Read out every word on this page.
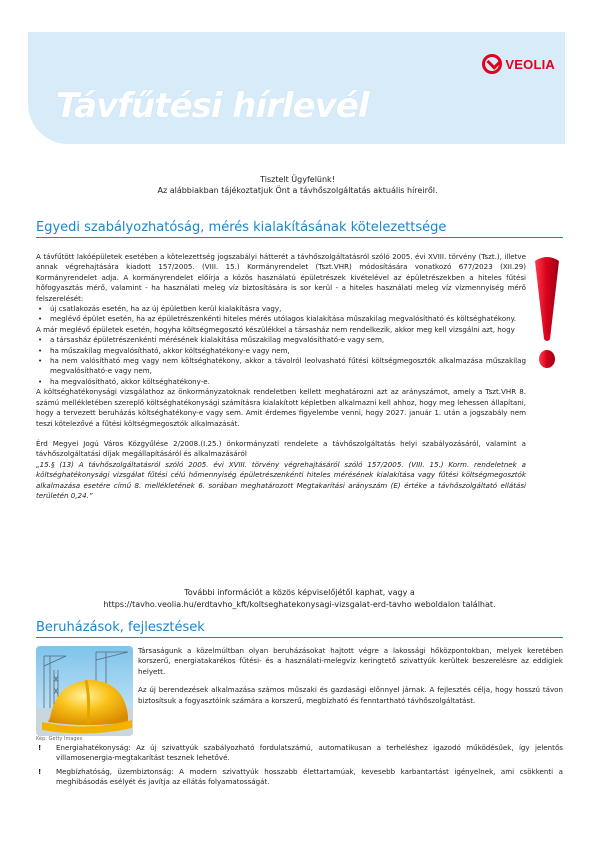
VEOLIA
Távfűtési hírlevél
2025/július
Tisztelt Ügyfelünk!
Az alábbiakban tájékoztatjuk Önt a távhőszolgáltatás aktuális híreiről.
Egyedi szabályozhatóság, mérés kialakításának kötelezettsége

A távfűtött lakóépületek esetében a kötelezettség jogszabályi hátterét a távhőszolgáltatásról szóló 2005. évi XVIII. törvény (Tszt.), illetve annak végrehajtására kiadott 157/2005. (VIII. 15.) Kormányrendelet (Tszt.VHR) módosítására vonatkozó 677/2023 (XII.29) Kormányrendelet adja. A kormányrendelet előírja a közös használatú épületrészek kivételével az épületrészekben a hiteles fűtési hőfogyasztás mérő, valamint - ha használati meleg víz biztosítására is sor kerül - a hiteles használati meleg víz vízmennyiség mérő felszerelését:

• új csatlakozás esetén, ha az új épületben kerül kialakításra vagy,
• meglévő épület esetén, ha az épületrészenkénti hiteles mérés utólagos kialakítása műszakilag megvalósítható és költséghatékony.

A már meglévő épületek esetén, hogyha költségmegosztó készülékkel a társasház nem rendelkezik, akkor meg kell vizsgálni azt, hogy

• a társasház épületrészenkénti mérésének kialakítása műszakilag megvalósítható-e vagy sem,
• ha műszakilag megvalósítható, akkor költséghatékony-e vagy nem,
• ha nem valósítható meg vagy nem költséghatékony, akkor a távolról leolvasható fűtési költségmegosztók alkalmazása műszakilag megvalósítható-e vagy nem,
• ha megvalósítható, akkor költséghatékony-e.

A költséghatékonysági vizsgálathoz az önkormányzatoknak rendeletben kellett meghatározni azt az arányszámot, amely a Tszt.VHR 8. számú mellékletében szereplő költséghatékonysági számításra kialakított képletben alkalmazni kell ahhoz, hogy meg lehessen állapítani, hogy a tervezett beruházás költséghatékony-e vagy sem. Amit érdemes figyelembe venni, hogy 2027. január 1. után a jogszabály nem teszi kötelezővé a fűtési költségmegosztók alkalmazását.

Érd Megyei Jogú Város Közgyűlése 2/2008.(I.25.) önkormányzati rendelete a távhőszolgáltatás helyi szabályozásáról, valamint a távhőszolgáltatási díjak megállapításáról és alkalmazásáról

„15.§ (13) A távhőszolgáltatásról szóló 2005. évi XVIII. törvény végrehajtásáról szóló 157/2005. (VIII. 15.) Korm. rendeletnek a költséghatékonysági vizsgálat fűtési célú hőmennyiség épületrészenkénti hiteles mérésének kialakítása vagy fűtési költségmegosztók alkalmazása esetére című 8. mellékletének 6. sorában meghatározott Megtakarítási arányszám (E) értéke a távhőszolgáltató ellátási területén 0,24.”

További információt a közös képviselőjétől kaphat, vagy a
https://tavho.veolia.hu/erdtavho_kft/koltseghatekonysagi-vizsgalat-erd-tavho weboldalon találhat.
Beruházások, fejlesztések
Kép: Getty Images

Társaságunk a közelmúltban olyan beruházásokat hajtott végre a lakossági hőközpontokban, melyek keretében korszerű, energiatakarékos fűtési- és a használati-melegvíz keringtető szivattyúk kerültek beszerelésre az eddigiek helyett.

Az új berendezések alkalmazása számos műszaki és gazdasági előnnyel járnak. A fejlesztés célja, hogy hosszú távon biztosítsuk a fogyasztóink számára a korszerű, megbízható és fenntartható távhőszolgáltatást.

! Energiahatékonyság: Az új szivattyúk szabályozható fordulatszámú, automatikusan a terheléshez igazodó működésűek, így jelentős villamosenergia-megtakarítást tesznek lehetővé.
! Megbízhatóság, üzembiztonság: A modern szivattyúk hosszabb élettartamúak, kevesebb karbantartást igényelnek, ami csökkenti a meghibásodás esélyét és javítja az ellátás folyamatosságát.
